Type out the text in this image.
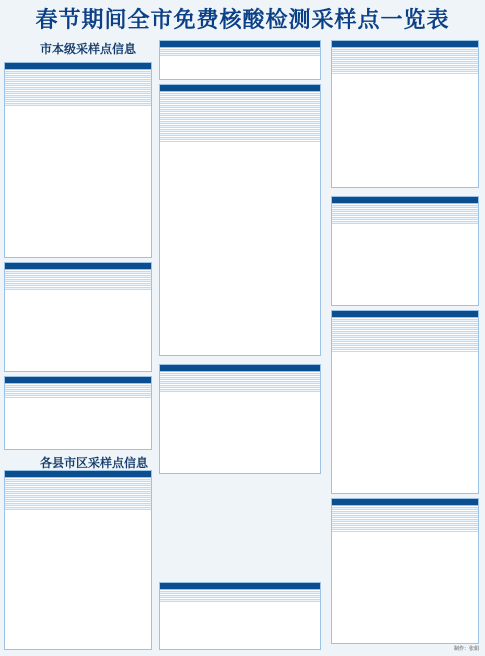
春节期间全市免费核酸检测采样点一览表
市本级采样点信息
各县市区采样点信息
制作：张娟
